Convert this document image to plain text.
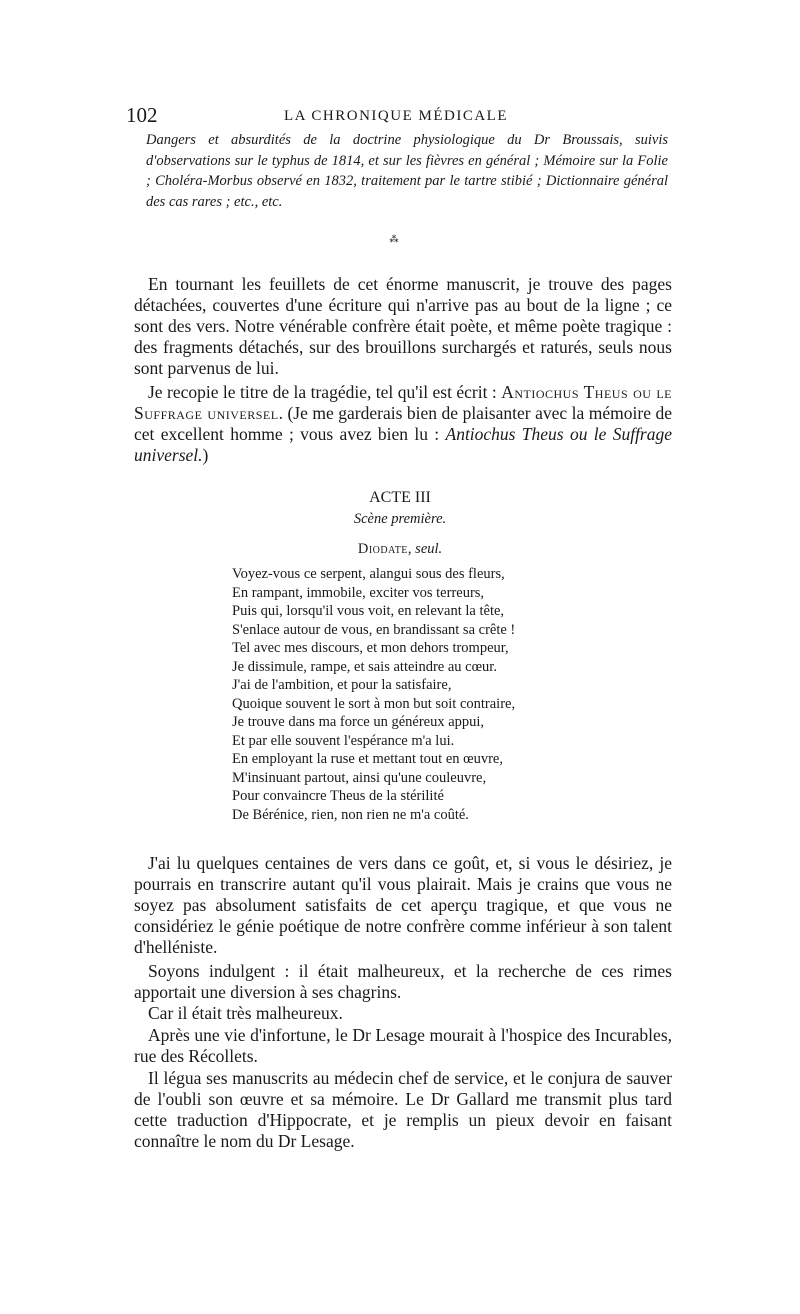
102	LA CHRONIQUE MÉDICALE
Dangers et absurdités de la doctrine physiologique du Dr Broussais, suivis d'observations sur le typhus de 1814, et sur les fièvres en général ; Mémoire sur la Folie ; Choléra-Morbus observé en 1832, traitement par le tartre stibié ; Dictionnaire général des cas rares ; etc., etc.
⁂
En tournant les feuillets de cet énorme manuscrit, je trouve des pages détachées, couvertes d'une écriture qui n'arrive pas au bout de la ligne ; ce sont des vers. Notre vénérable confrère était poète, et même poète tragique : des fragments détachés, sur des brouillons surchargés et raturés, seuls nous sont parvenus de lui.
Je recopie le titre de la tragédie, tel qu'il est écrit : Antiochus Theus ou le Suffrage universel. (Je me garderais bien de plaisanter avec la mémoire de cet excellent homme ; vous avez bien lu : Antiochus Theus ou le Suffrage universel.)
ACTE III
Scène première.
Diodate, seul.
Voyez-vous ce serpent, alangui sous des fleurs,
En rampant, immobile, exciter vos terreurs,
Puis qui, lorsqu'il vous voit, en relevant la tête,
S'enlace autour de vous, en brandissant sa crête !
Tel avec mes discours, et mon dehors trompeur,
Je dissimule, rampe, et sais atteindre au cœur.
J'ai de l'ambition, et pour la satisfaire,
Quoique souvent le sort à mon but soit contraire,
Je trouve dans ma force un généreux appui,
Et par elle souvent l'espérance m'a lui.
En employant la ruse et mettant tout en œuvre,
M'insinuant partout, ainsi qu'une couleuvre,
Pour convaincre Theus de la stérilité
De Bérénice, rien, non rien ne m'a coûté.
J'ai lu quelques centaines de vers dans ce goût, et, si vous le désiriez, je pourrais en transcrire autant qu'il vous plairait. Mais je crains que vous ne soyez pas absolument satisfaits de cet aperçu tragique, et que vous ne considériez le génie poétique de notre confrère comme inférieur à son talent d'helléniste.
Soyons indulgent : il était malheureux, et la recherche de ces rimes apportait une diversion à ses chagrins.
Car il était très malheureux.
Après une vie d'infortune, le Dr Lesage mourait à l'hospice des Incurables, rue des Récollets.
Il légua ses manuscrits au médecin chef de service, et le conjura de sauver de l'oubli son œuvre et sa mémoire. Le Dr Gallard me transmit plus tard cette traduction d'Hippocrate, et je remplis un pieux devoir en faisant connaître le nom du Dr Lesage.
